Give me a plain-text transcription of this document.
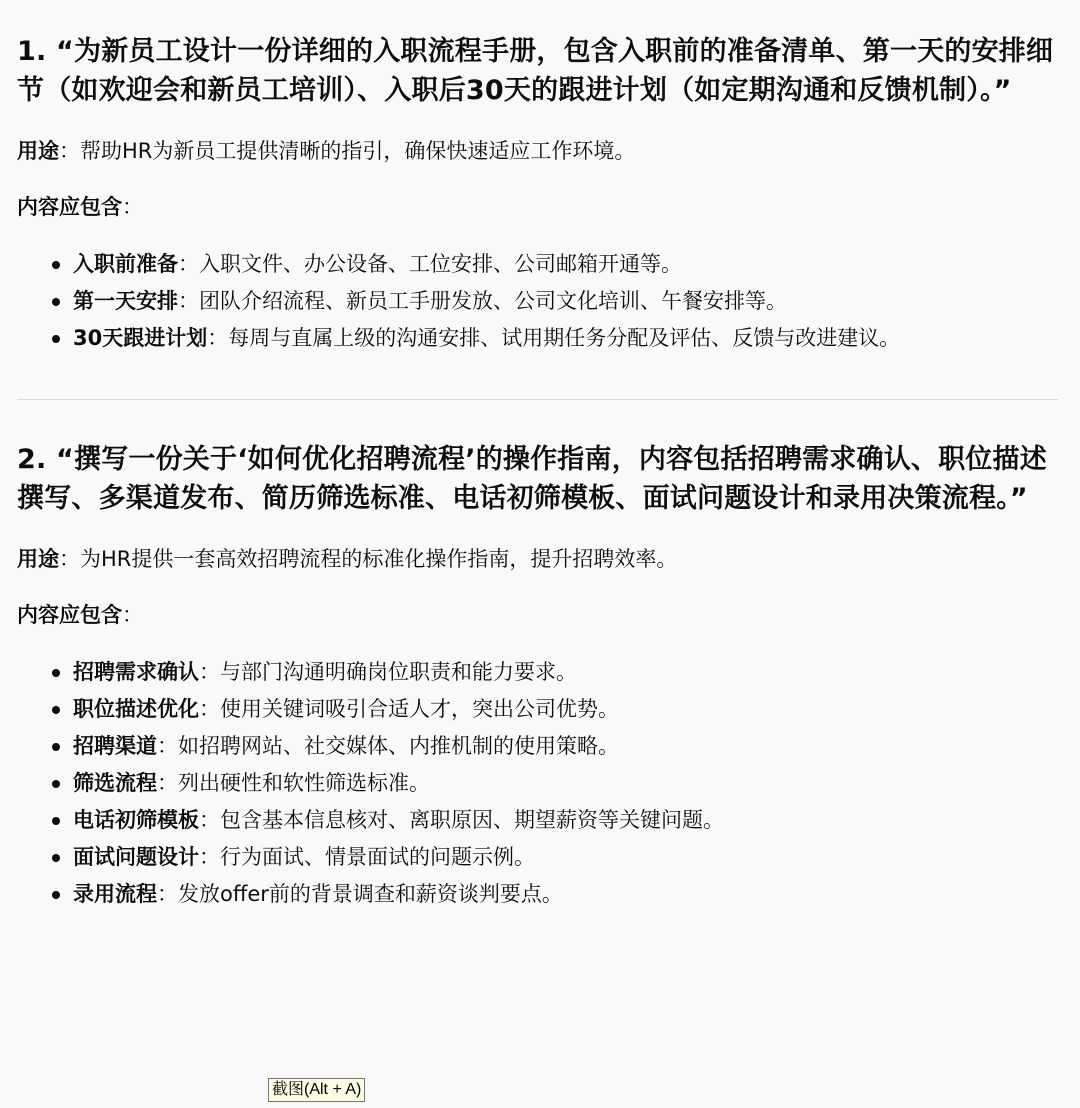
1. “为新员工设计一份详细的入职流程手册，包含入职前的准备清单、第一天的安排细节（如欢迎会和新员工培训）、入职后30天的跟进计划（如定期沟通和反馈机制）。”

用途：帮助HR为新员工提供清晰的指引，确保快速适应工作环境。

内容应包含：

入职前准备：入职文件、办公设备、工位安排、公司邮箱开通等。
第一天安排：团队介绍流程、新员工手册发放、公司文化培训、午餐安排等。
30天跟进计划：每周与直属上级的沟通安排、试用期任务分配及评估、反馈与改进建议。
2. “撰写一份关于‘如何优化招聘流程’的操作指南，内容包括招聘需求确认、职位描述撰写、多渠道发布、简历筛选标准、电话初筛模板、面试问题设计和录用决策流程。”

用途：为HR提供一套高效招聘流程的标准化操作指南，提升招聘效率。

内容应包含：

招聘需求确认：与部门沟通明确岗位职责和能力要求。
职位描述优化：使用关键词吸引合适人才，突出公司优势。
招聘渠道：如招聘网站、社交媒体、内推机制的使用策略。
筛选流程：列出硬性和软性筛选标准。
电话初筛模板：包含基本信息核对、离职原因、期望薪资等关键问题。
面试问题设计：行为面试、情景面试的问题示例。
录用流程：发放offer前的背景调查和薪资谈判要点。
截图(Alt + A)
